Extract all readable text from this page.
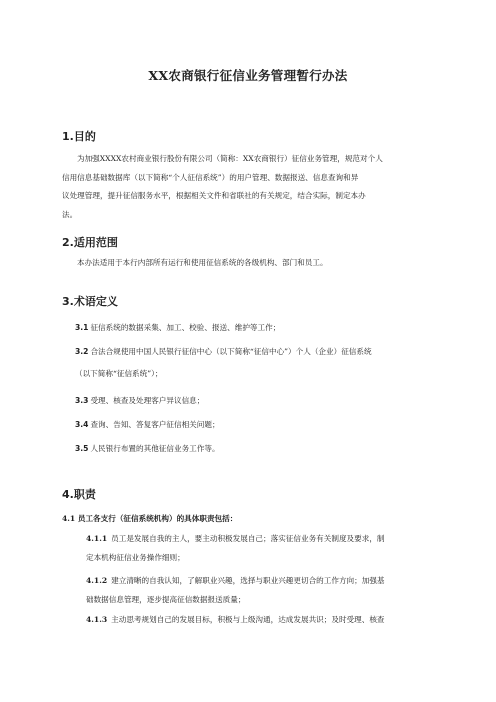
XX农商银行征信业务管理暂行办法
1.目的
为加强XXXX农村商业银行股份有限公司（简称：XX农商银行）征信业务管理，规范对个人
信用信息基础数据库（以下简称“个人征信系统”）的用户管理、数据报送、信息查询和异
议处理管理，提升征信服务水平，根据相关文件和省联社的有关规定，结合实际，制定本办
法。
2.适用范围
本办法适用于本行内部所有运行和使用征信系统的各级机构、部门和员工。
3.术语定义
3.1 征信系统的数据采集、加工、校验、报送、维护等工作；
3.2 合法合规使用中国人民银行征信中心（以下简称“征信中心”）个人（企业）征信系统
（以下简称“征信系统”）；
3.3 受理、核查及处理客户异议信息；
3.4 查询、告知、答复客户征信相关问题；
3.5 人民银行布置的其他征信业务工作等。
4.职责
4.1 员工各支行（征信系统机构）的具体职责包括：
4.1.1 员工是发展自我的主人，要主动积极发展自己；落实征信业务有关制度及要求，制
定本机构征信业务操作细则；
4.1.2 建立清晰的自我认知，了解职业兴趣，选择与职业兴趣更切合的工作方向；加强基
础数据信息管理，逐步提高征信数据报送质量；
4.1.3 主动思考规划自己的发展目标，积极与上级沟通，达成发展共识；及时受理、核查
